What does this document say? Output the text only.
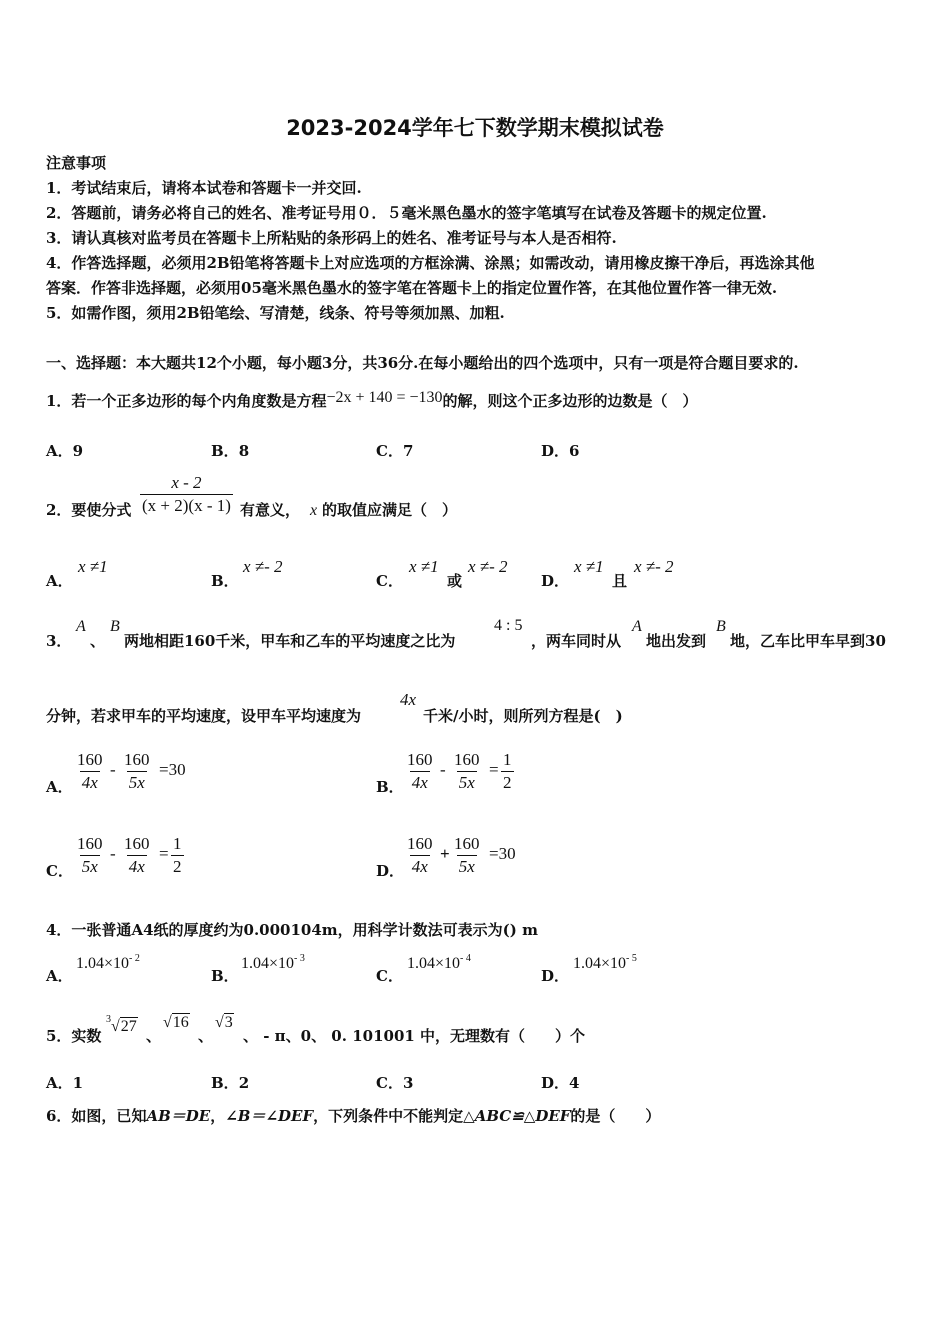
2023-2024学年七下数学期末模拟试卷
注意事项
1．考试结束后，请将本试卷和答题卡一并交回.
2．答题前，请务必将自己的姓名、准考证号用０．５毫米黑色墨水的签字笔填写在试卷及答题卡的规定位置.
3．请认真核对监考员在答题卡上所粘贴的条形码上的姓名、准考证号与本人是否相符.
4．作答选择题，必须用2B铅笔将答题卡上对应选项的方框涂满、涂黑；如需改动，请用橡皮擦干净后，再选涂其他
答案．作答非选择题，必须用05毫米黑色墨水的签字笔在答题卡上的指定位置作答，在其他位置作答一律无效.
5．如需作图，须用2B铅笔绘、写清楚，线条、符号等须加黑、加粗.
一、选择题：本大题共12个小题，每小题3分，共36分.在每小题给出的四个选项中，只有一项是符合题目要求的.
1．若一个正多边形的每个内角度数是方程−2x + 140 = −130的解，则这个正多边形的边数是（　）
A．9	B．8	C．7	D．6
2．要使分式 $\frac{x - 2}{(x + 2)(x - 1)}$ 有意义， x 的取值应满足（　）
A．
x ≠1
B．
x ≠- 2
C．
x ≠1
或
x ≠- 2
D．
x ≠1
且
x ≠- 2
3．
A
、
B
两地相距160千米，甲车和乙车的平均速度之比为
4 : 5
，两车同时从
A
地出发到
B
地，乙车比甲车早到30
分钟，若求甲车的平均速度，设甲车平均速度为
4x
千米/小时，则所列方程是(　)
A． $\frac{160}{4x} - \frac{160}{5x} =30$
B． $\frac{160}{4x} - \frac{160}{5x} = \frac{1}{2}$
C． $\frac{160}{5x} - \frac{160}{4x} = \frac{1}{2}$	D． $\frac{160}{4x} + \frac{160}{5x} =30$
4．一张普通A4纸的厚度约为0.000104m，用科学计数法可表示为() m
A．
$1.04\times 10^{- 2}$
B．
$1.04\times 10^{- 3}$
C．
$1.04\times 10^{- 4}$
D．
$1.04\times 10^{- 5}$
5．实数
$^3$√27
、
√16
、
√3
、 - π、0、 0. 101001 中，无理数有（　　）个
A．1	B．2	C．3	D．4
6．如图，已知AB＝DE，∠B＝∠DEF，下列条件中不能判定△ABC≌△DEF的是（　　）
